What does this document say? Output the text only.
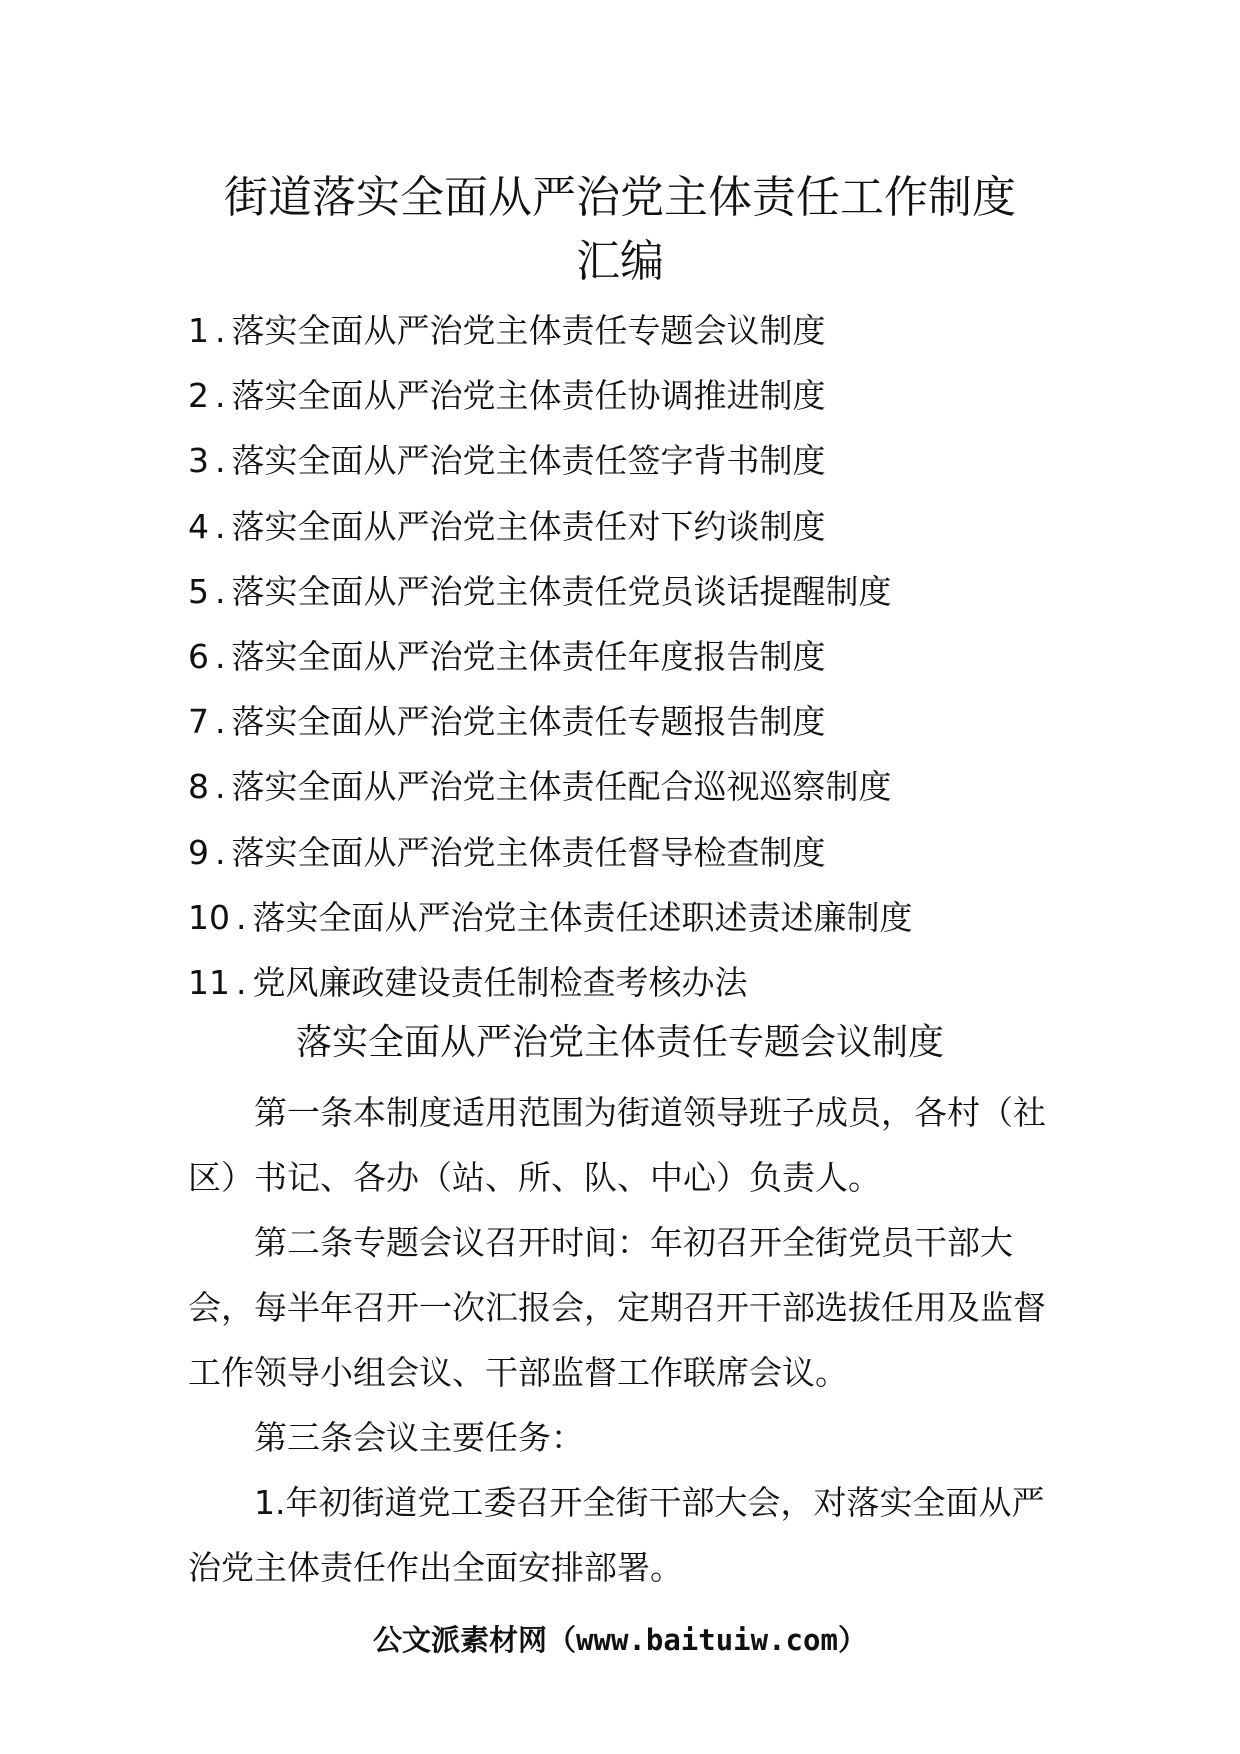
街道落实全面从严治党主体责任工作制度
汇编
1 . 落实全面从严治党主体责任专题会议制度
2 . 落实全面从严治党主体责任协调推进制度
3 . 落实全面从严治党主体责任签字背书制度
4 . 落实全面从严治党主体责任对下约谈制度
5 . 落实全面从严治党主体责任党员谈话提醒制度
6 . 落实全面从严治党主体责任年度报告制度
7 . 落实全面从严治党主体责任专题报告制度
8 . 落实全面从严治党主体责任配合巡视巡察制度
9 . 落实全面从严治党主体责任督导检查制度
10 . 落实全面从严治党主体责任述职述责述廉制度
11 . 党风廉政建设责任制检查考核办法
落实全面从严治党主体责任专题会议制度

第一条本制度适用范围为街道领导班子成员，各村（社区）书记、各办（站、所、队、中心）负责人。

第二条专题会议召开时间：年初召开全街党员干部大会，每半年召开一次汇报会，定期召开干部选拔任用及监督工作领导小组会议、干部监督工作联席会议。

第三条会议主要任务：

1.年初街道党工委召开全街干部大会，对落实全面从严治党主体责任作出全面安排部署。

公文派素材网（www.baituiw.com）
